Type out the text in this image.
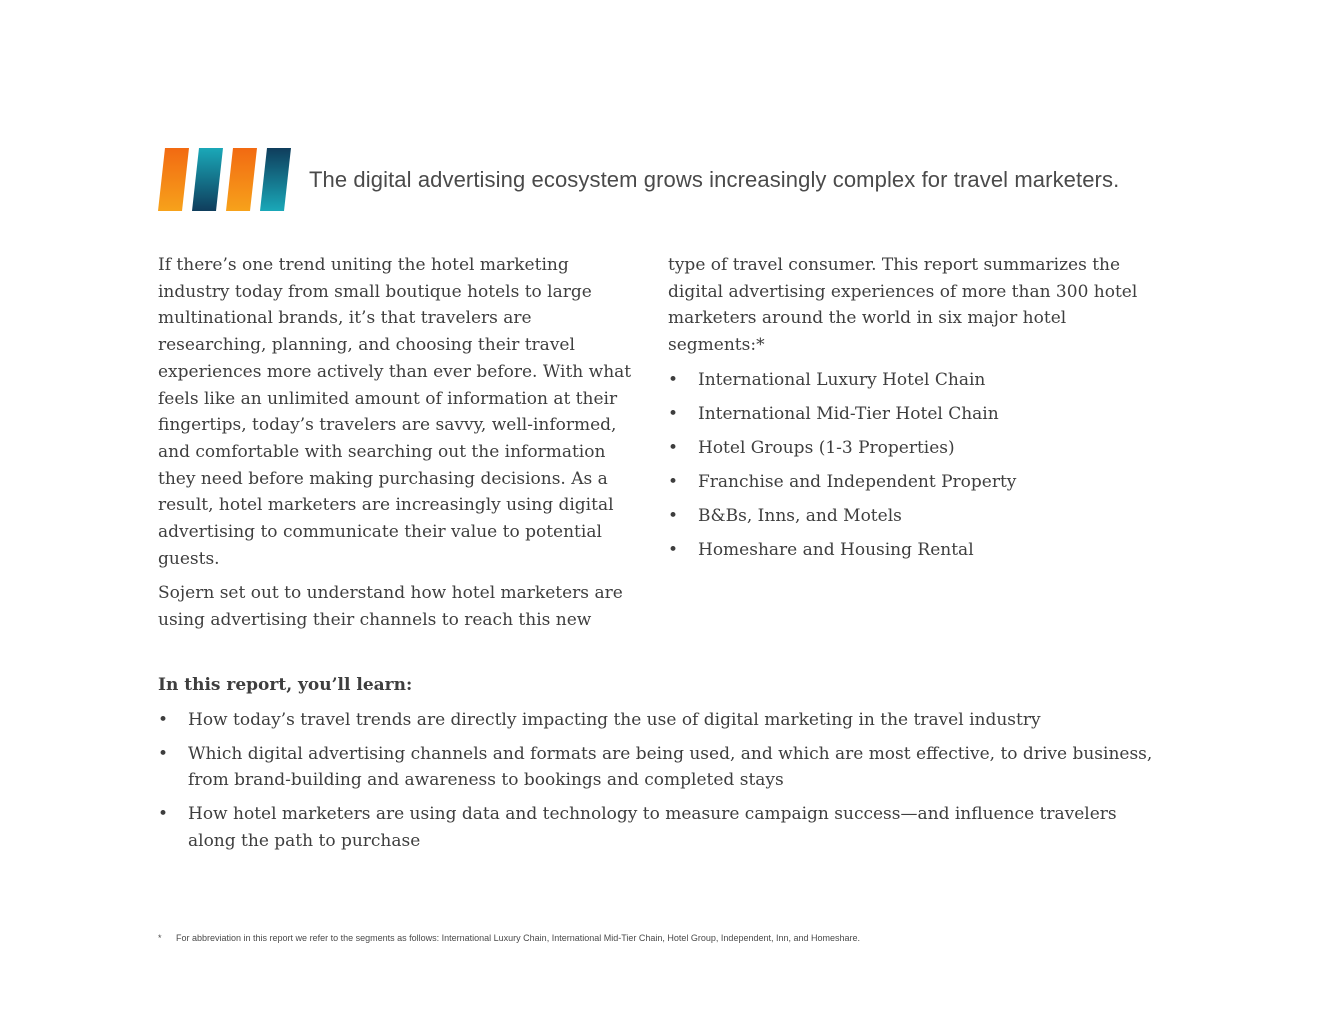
The digital advertising ecosystem grows increasingly complex for travel marketers.

If there’s one trend uniting the hotel marketing industry today from small boutique hotels to large multinational brands, it’s that travelers are researching, planning, and choosing their travel experiences more actively than ever before. With what feels like an unlimited amount of information at their fingertips, today’s travelers are savvy, well-informed, and comfortable with searching out the information they need before making purchasing decisions. As a result, hotel marketers are increasingly using digital advertising to communicate their value to potential guests.

Sojern set out to understand how hotel marketers are using advertising their channels to reach this new

type of travel consumer. This report summarizes the digital advertising experiences of more than 300 hotel marketers around the world in six major hotel segments:*

• International Luxury Hotel Chain
• International Mid-Tier Hotel Chain
• Hotel Groups (1-3 Properties)
• Franchise and Independent Property
• B&Bs, Inns, and Motels
• Homeshare and Housing Rental
In this report, you’ll learn:
• How today’s travel trends are directly impacting the use of digital marketing in the travel industry
• Which digital advertising channels and formats are being used, and which are most effective, to drive business, from brand-building and awareness to bookings and completed stays
• How hotel marketers are using data and technology to measure campaign success—and influence travelers along the path to purchase
* For abbreviation in this report we refer to the segments as follows: International Luxury Chain, International Mid-Tier Chain, Hotel Group, Independent, Inn, and Homeshare.
